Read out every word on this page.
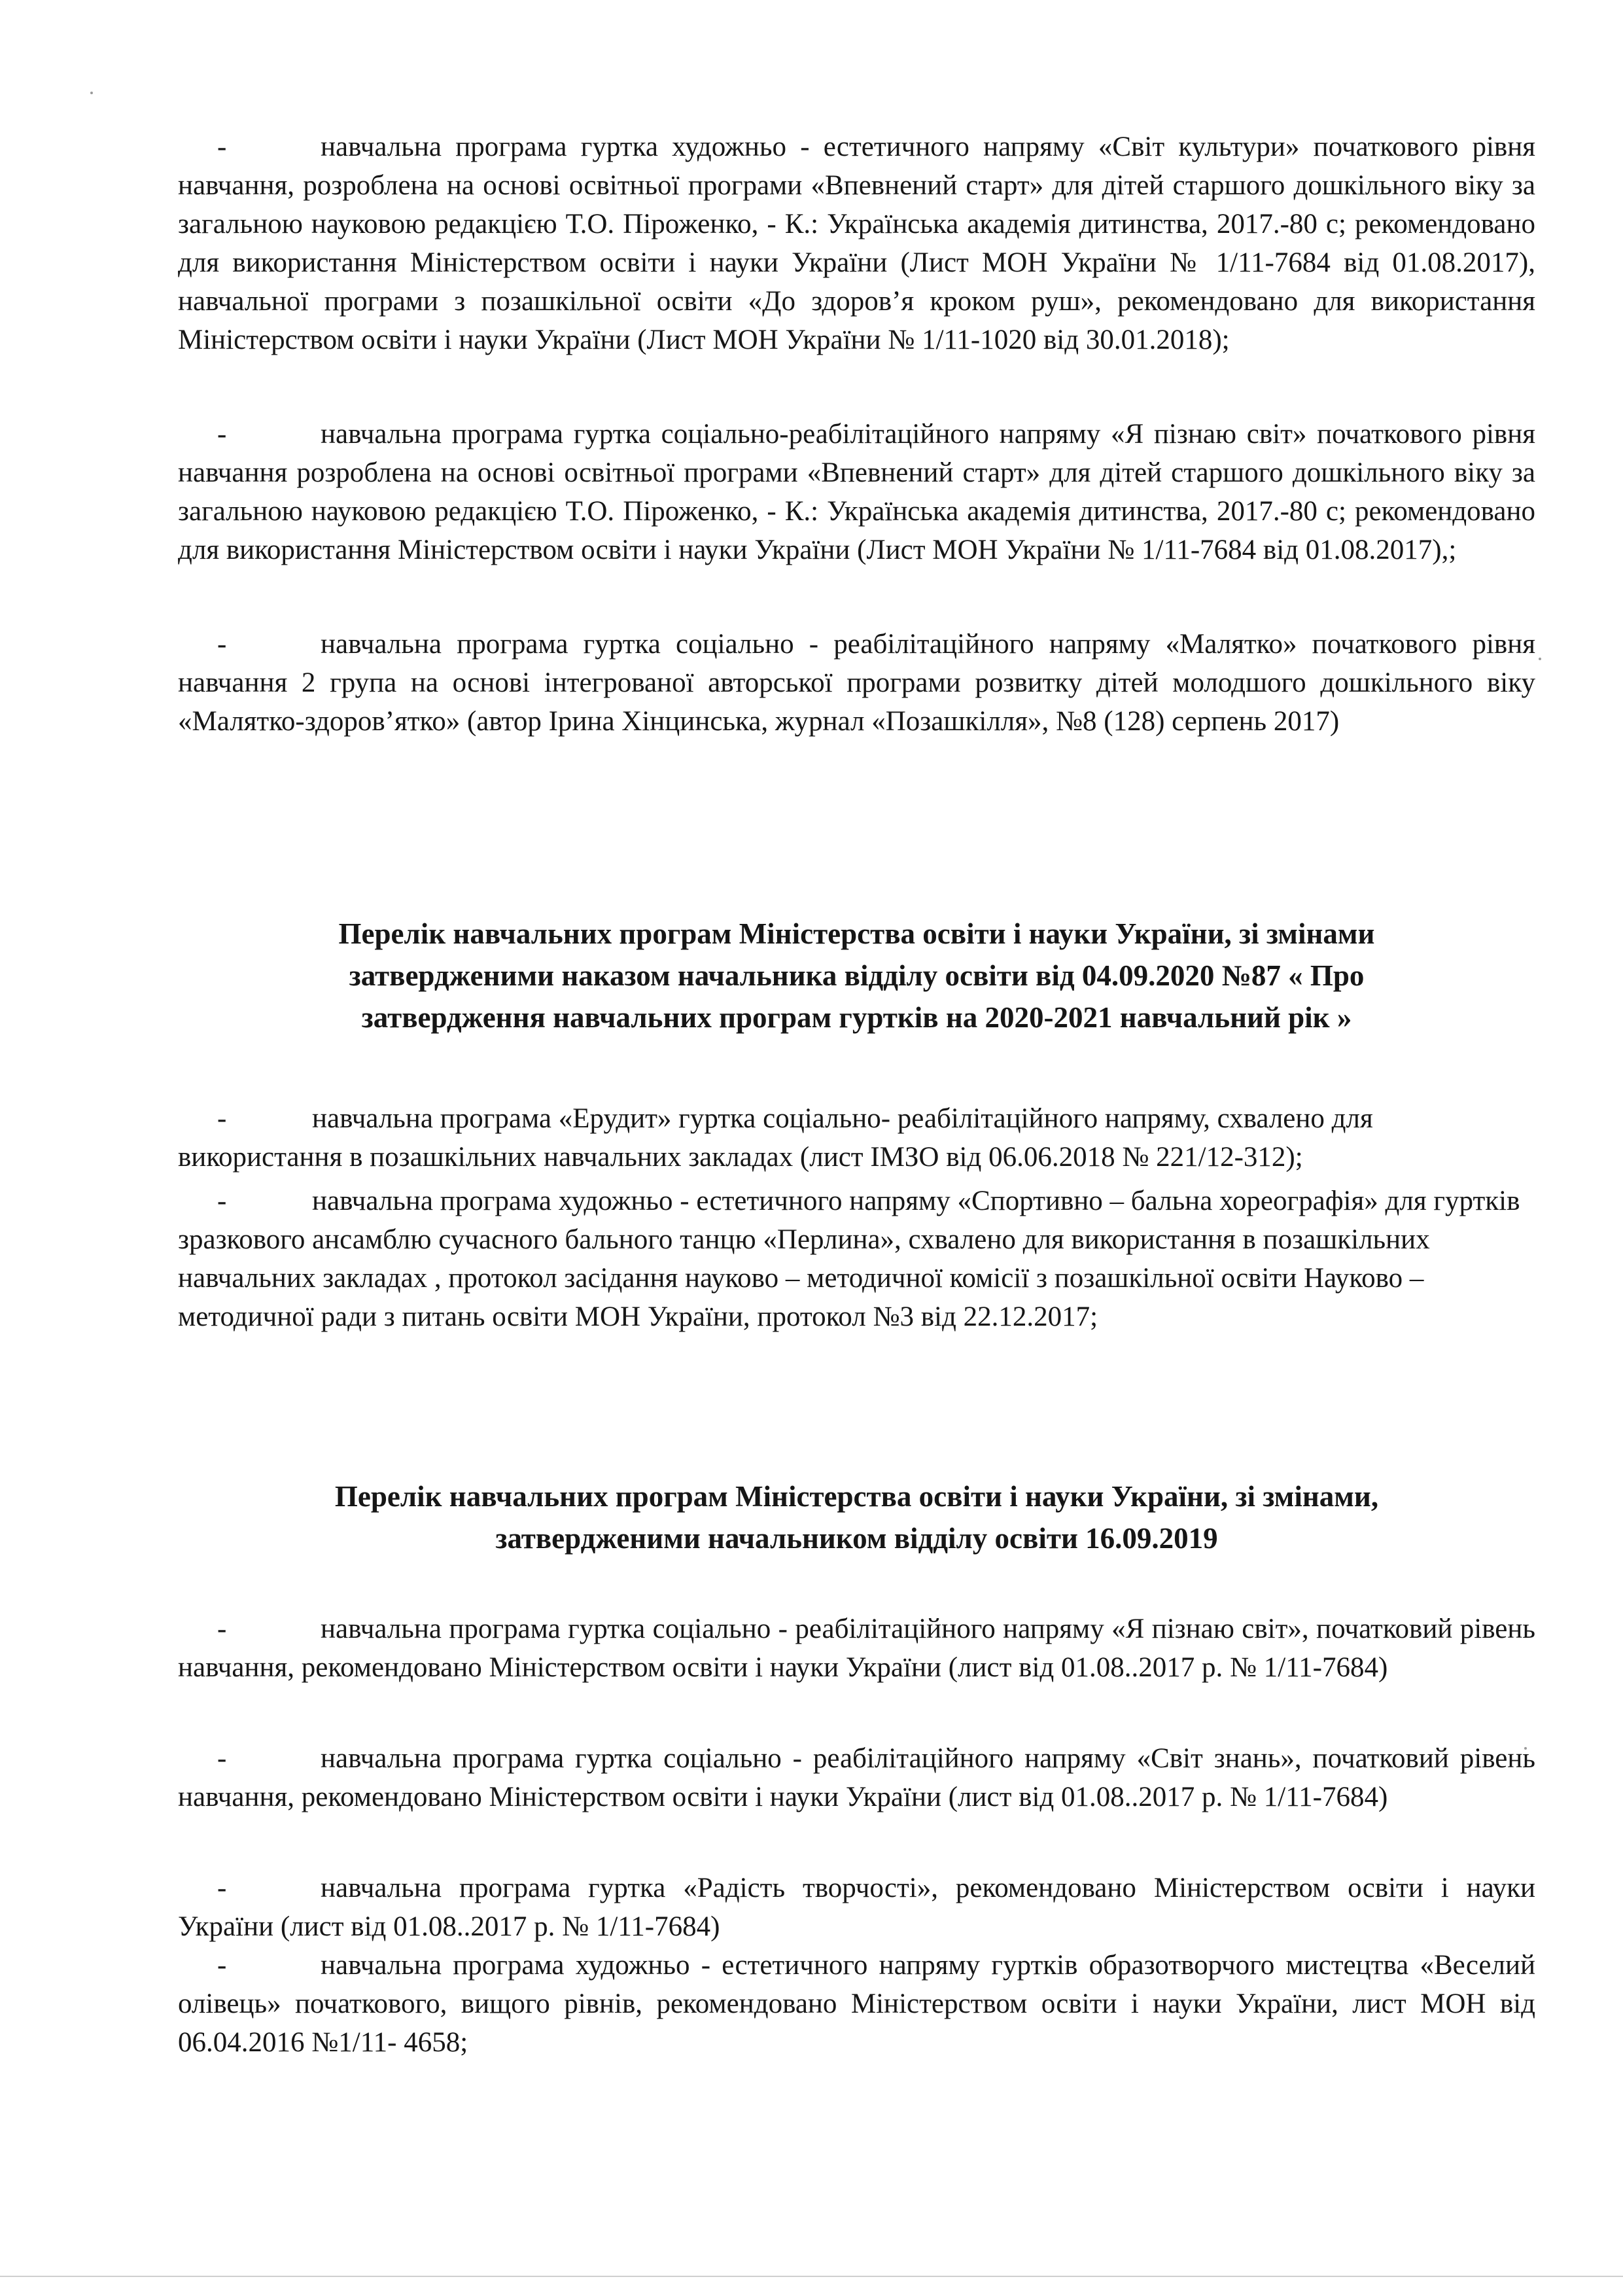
-	навчальна програма гуртка художньо - естетичного напряму «Світ культури» початкового рівня навчання, розроблена на основі освітньої програми «Впевнений старт» для дітей старшого дошкільного віку за загальною науковою редакцією Т.О. Піроженко, - К.: Українська академія дитинства, 2017.-80 с; рекомендовано для використання Міністерством освіти і науки України (Лист МОН України № 1/11-7684 від 01.08.2017), навчальної програми з позашкільної освіти «До здоров’я кроком руш», рекомендовано для використання Міністерством освіти і науки України (Лист МОН України № 1/11-1020 від 30.01.2018);
-	навчальна програма гуртка соціально-реабілітаційного напряму «Я пізнаю світ» початкового рівня навчання розроблена на основі освітньої програми «Впевнений старт» для дітей старшого дошкільного віку за загальною науковою редакцією Т.О. Піроженко, - К.: Українська академія дитинства, 2017.-80 с; рекомендовано для використання Міністерством освіти і науки України (Лист МОН України № 1/11-7684 від 01.08.2017),;
-	навчальна програма гуртка соціально - реабілітаційного напряму «Малятко» початкового рівня навчання 2 група на основі інтегрованої авторської програми розвитку дітей молодшого дошкільного віку «Малятко-здоров’ятко» (автор Ірина Хінцинська, журнал «Позашкілля», №8 (128) серпень 2017)
Перелік навчальних програм Міністерства освіти і науки України, зі змінами
затвердженими наказом начальника відділу освіти від 04.09.2020 №87 « Про
затвердження навчальних програм гуртків на 2020-2021 навчальний рік »
-	навчальна програма «Ерудит» гуртка соціально- реабілітаційного напряму, схвалено для використання в позашкільних навчальних закладах (лист ІМЗО від 06.06.2018 № 221/12-312);
-	навчальна програма художньо - естетичного напряму «Спортивно – бальна хореографія» для гуртків зразкового ансамблю сучасного бального танцю «Перлина», схвалено для використання в позашкільних навчальних закладах , протокол засідання науково – методичної комісії з позашкільної освіти Науково – методичної ради з питань освіти МОН України, протокол №3 від 22.12.2017;
Перелік навчальних програм Міністерства освіти і науки України, зі змінами,
затвердженими начальником відділу освіти 16.09.2019
-	навчальна програма гуртка соціально - реабілітаційного напряму «Я пізнаю світ», початковий рівень навчання, рекомендовано Міністерством освіти і науки України (лист від 01.08..2017 р. № 1/11-7684)
-	навчальна програма гуртка соціально - реабілітаційного напряму «Світ знань», початковий рівень навчання, рекомендовано Міністерством освіти і науки України (лист від 01.08..2017 р. № 1/11-7684)
-	навчальна програма гуртка «Радість творчості», рекомендовано Міністерством освіти і науки України (лист від 01.08..2017 р. № 1/11-7684)
-	навчальна програма художньо - естетичного напряму гуртків образотворчого мистецтва «Веселий олівець» початкового, вищого рівнів, рекомендовано Міністерством освіти і науки України, лист МОН від 06.04.2016 №1/11- 4658;
